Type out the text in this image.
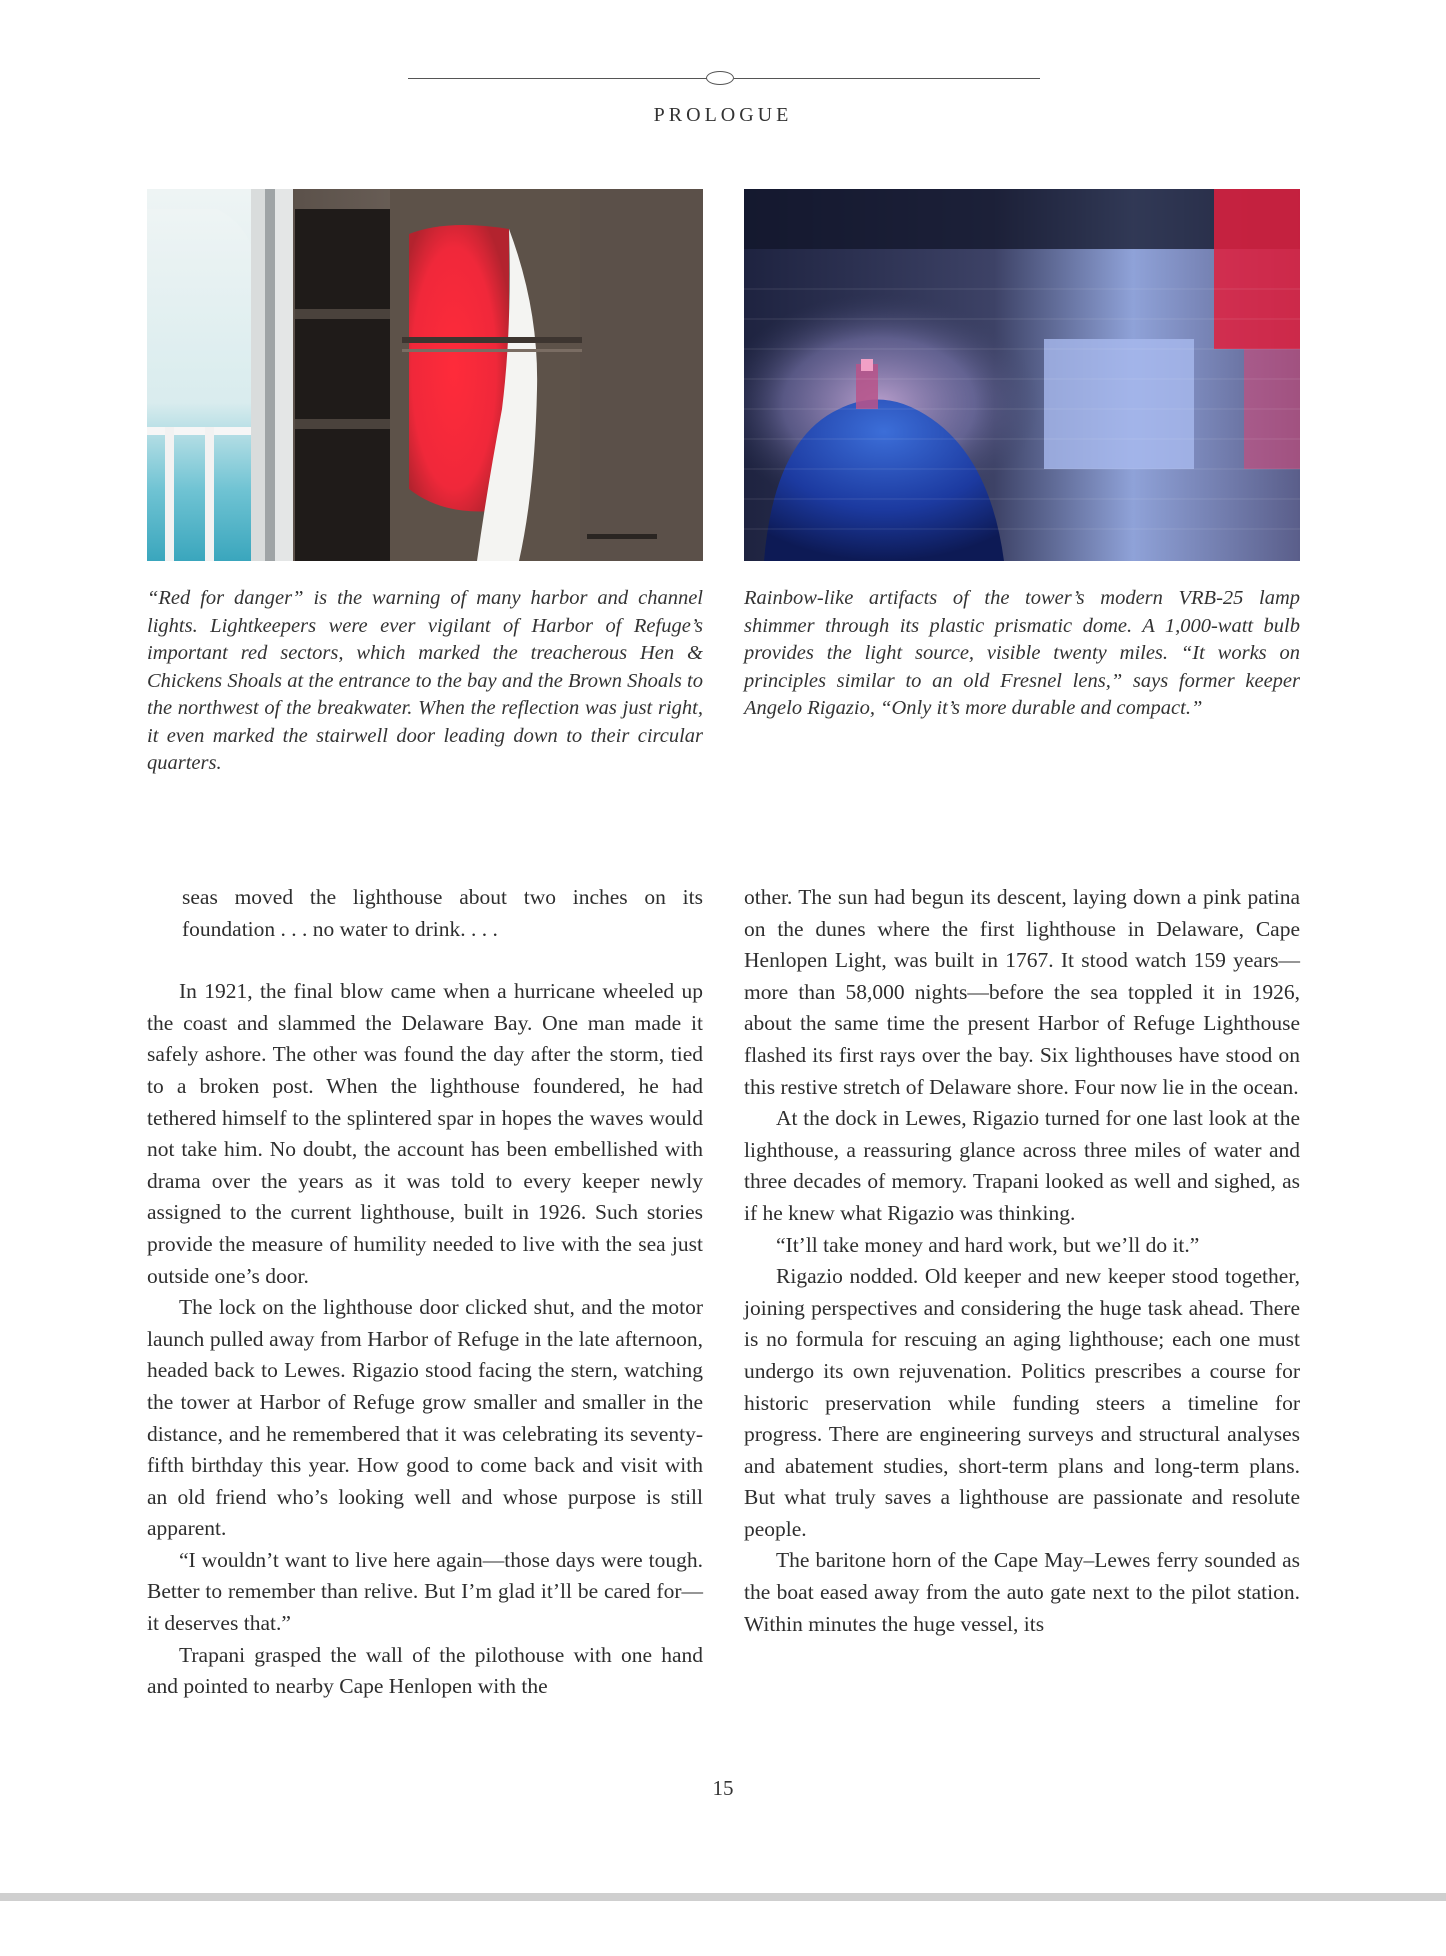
PROLOGUE
“Red for danger” is the warning of many harbor and channel lights. Lightkeepers were ever vigilant of Harbor of Refuge’s important red sectors, which marked the treacherous Hen & Chickens Shoals at the entrance to the bay and the Brown Shoals to the northwest of the breakwater. When the reflection was just right, it even marked the stairwell door leading down to their circular quarters.
Rainbow-like artifacts of the tower’s modern VRB-25 lamp shimmer through its plastic prismatic dome. A 1,000-watt bulb provides the light source, visible twenty miles. “It works on principles similar to an old Fresnel lens,” says former keeper Angelo Rigazio, “Only it’s more durable and compact.”

seas moved the lighthouse about two inches on its foundation . . . no water to drink. . . .

In 1921, the final blow came when a hurricane wheeled up the coast and slammed the Delaware Bay. One man made it safely ashore. The other was found the day after the storm, tied to a broken post. When the lighthouse foundered, he had tethered himself to the splintered spar in hopes the waves would not take him. No doubt, the account has been embellished with drama over the years as it was told to every keeper newly assigned to the current lighthouse, built in 1926. Such stories provide the measure of humility needed to live with the sea just outside one’s door.

The lock on the lighthouse door clicked shut, and the motor launch pulled away from Harbor of Refuge in the late afternoon, headed back to Lewes. Rigazio stood facing the stern, watching the tower at Harbor of Refuge grow smaller and smaller in the distance, and he remembered that it was celebrating its seventy-fifth birthday this year. How good to come back and visit with an old friend who’s looking well and whose purpose is still apparent.

“I wouldn’t want to live here again—those days were tough. Better to remember than relive. But I’m glad it’ll be cared for—it deserves that.”

Trapani grasped the wall of the pilothouse with one hand and pointed to nearby Cape Henlopen with the

other. The sun had begun its descent, laying down a pink patina on the dunes where the first lighthouse in Delaware, Cape Henlopen Light, was built in 1767. It stood watch 159 years—more than 58,000 nights—before the sea toppled it in 1926, about the same time the present Harbor of Refuge Lighthouse flashed its first rays over the bay. Six lighthouses have stood on this restive stretch of Delaware shore. Four now lie in the ocean.

At the dock in Lewes, Rigazio turned for one last look at the lighthouse, a reassuring glance across three miles of water and three decades of memory. Trapani looked as well and sighed, as if he knew what Rigazio was thinking.

“It’ll take money and hard work, but we’ll do it.”

Rigazio nodded. Old keeper and new keeper stood together, joining perspectives and considering the huge task ahead. There is no formula for rescuing an aging lighthouse; each one must undergo its own rejuvenation. Politics prescribes a course for historic preservation while funding steers a timeline for progress. There are engineering surveys and structural analyses and abatement studies, short-term plans and long-term plans. But what truly saves a lighthouse are passionate and resolute people.

The baritone horn of the Cape May–Lewes ferry sounded as the boat eased away from the auto gate next to the pilot station. Within minutes the huge vessel, its

15
